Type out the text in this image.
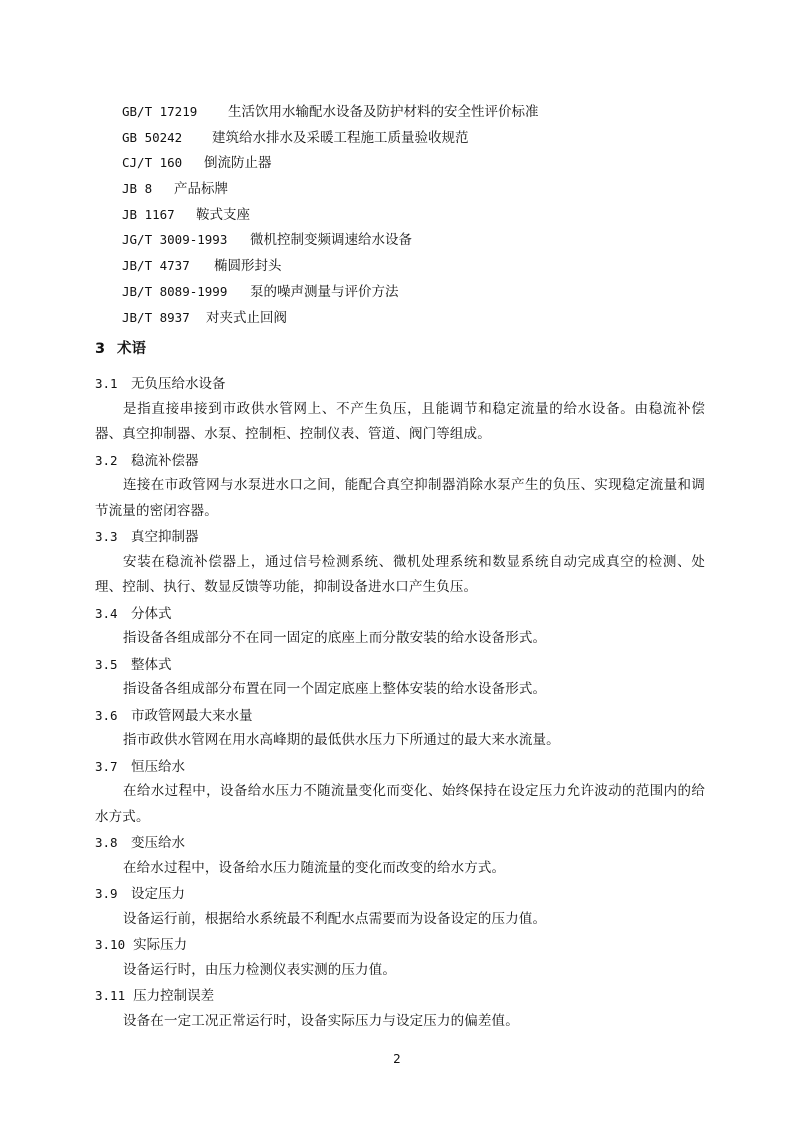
GB/T 17219 生活饮用水输配水设备及防护材料的安全性评价标准
GB 50242 建筑给水排水及采暖工程施工质量验收规范
CJ/T 160 倒流防止器
JB 8 产品标牌
JB 1167 鞍式支座
JG/T 3009-1993 微机控制变频调速给水设备
JB/T 4737 椭圆形封头
JB/T 8089-1999 泵的噪声测量与评价方法
JB/T 8937 对夹式止回阀
3 术语
3.1 无负压给水设备

是指直接串接到市政供水管网上、不产生负压，且能调节和稳定流量的给水设备。由稳流补偿器、真空抑制器、水泵、控制柜、控制仪表、管道、阀门等组成。

3.2 稳流补偿器

连接在市政管网与水泵进水口之间，能配合真空抑制器消除水泵产生的负压、实现稳定流量和调节流量的密闭容器。

3.3 真空抑制器

安装在稳流补偿器上，通过信号检测系统、微机处理系统和数显系统自动完成真空的检测、处理、控制、执行、数显反馈等功能，抑制设备进水口产生负压。

3.4 分体式

指设备各组成部分不在同一固定的底座上而分散安装的给水设备形式。

3.5 整体式

指设备各组成部分布置在同一个固定底座上整体安装的给水设备形式。

3.6 市政管网最大来水量

指市政供水管网在用水高峰期的最低供水压力下所通过的最大来水流量。

3.7 恒压给水

在给水过程中，设备给水压力不随流量变化而变化、始终保持在设定压力允许波动的范围内的给水方式。

3.8 变压给水

在给水过程中，设备给水压力随流量的变化而改变的给水方式。

3.9 设定压力

设备运行前，根据给水系统最不利配水点需要而为设备设定的压力值。

3.10 实际压力

设备运行时，由压力检测仪表实测的压力值。

3.11 压力控制误差

设备在一定工况正常运行时，设备实际压力与设定压力的偏差值。

2
